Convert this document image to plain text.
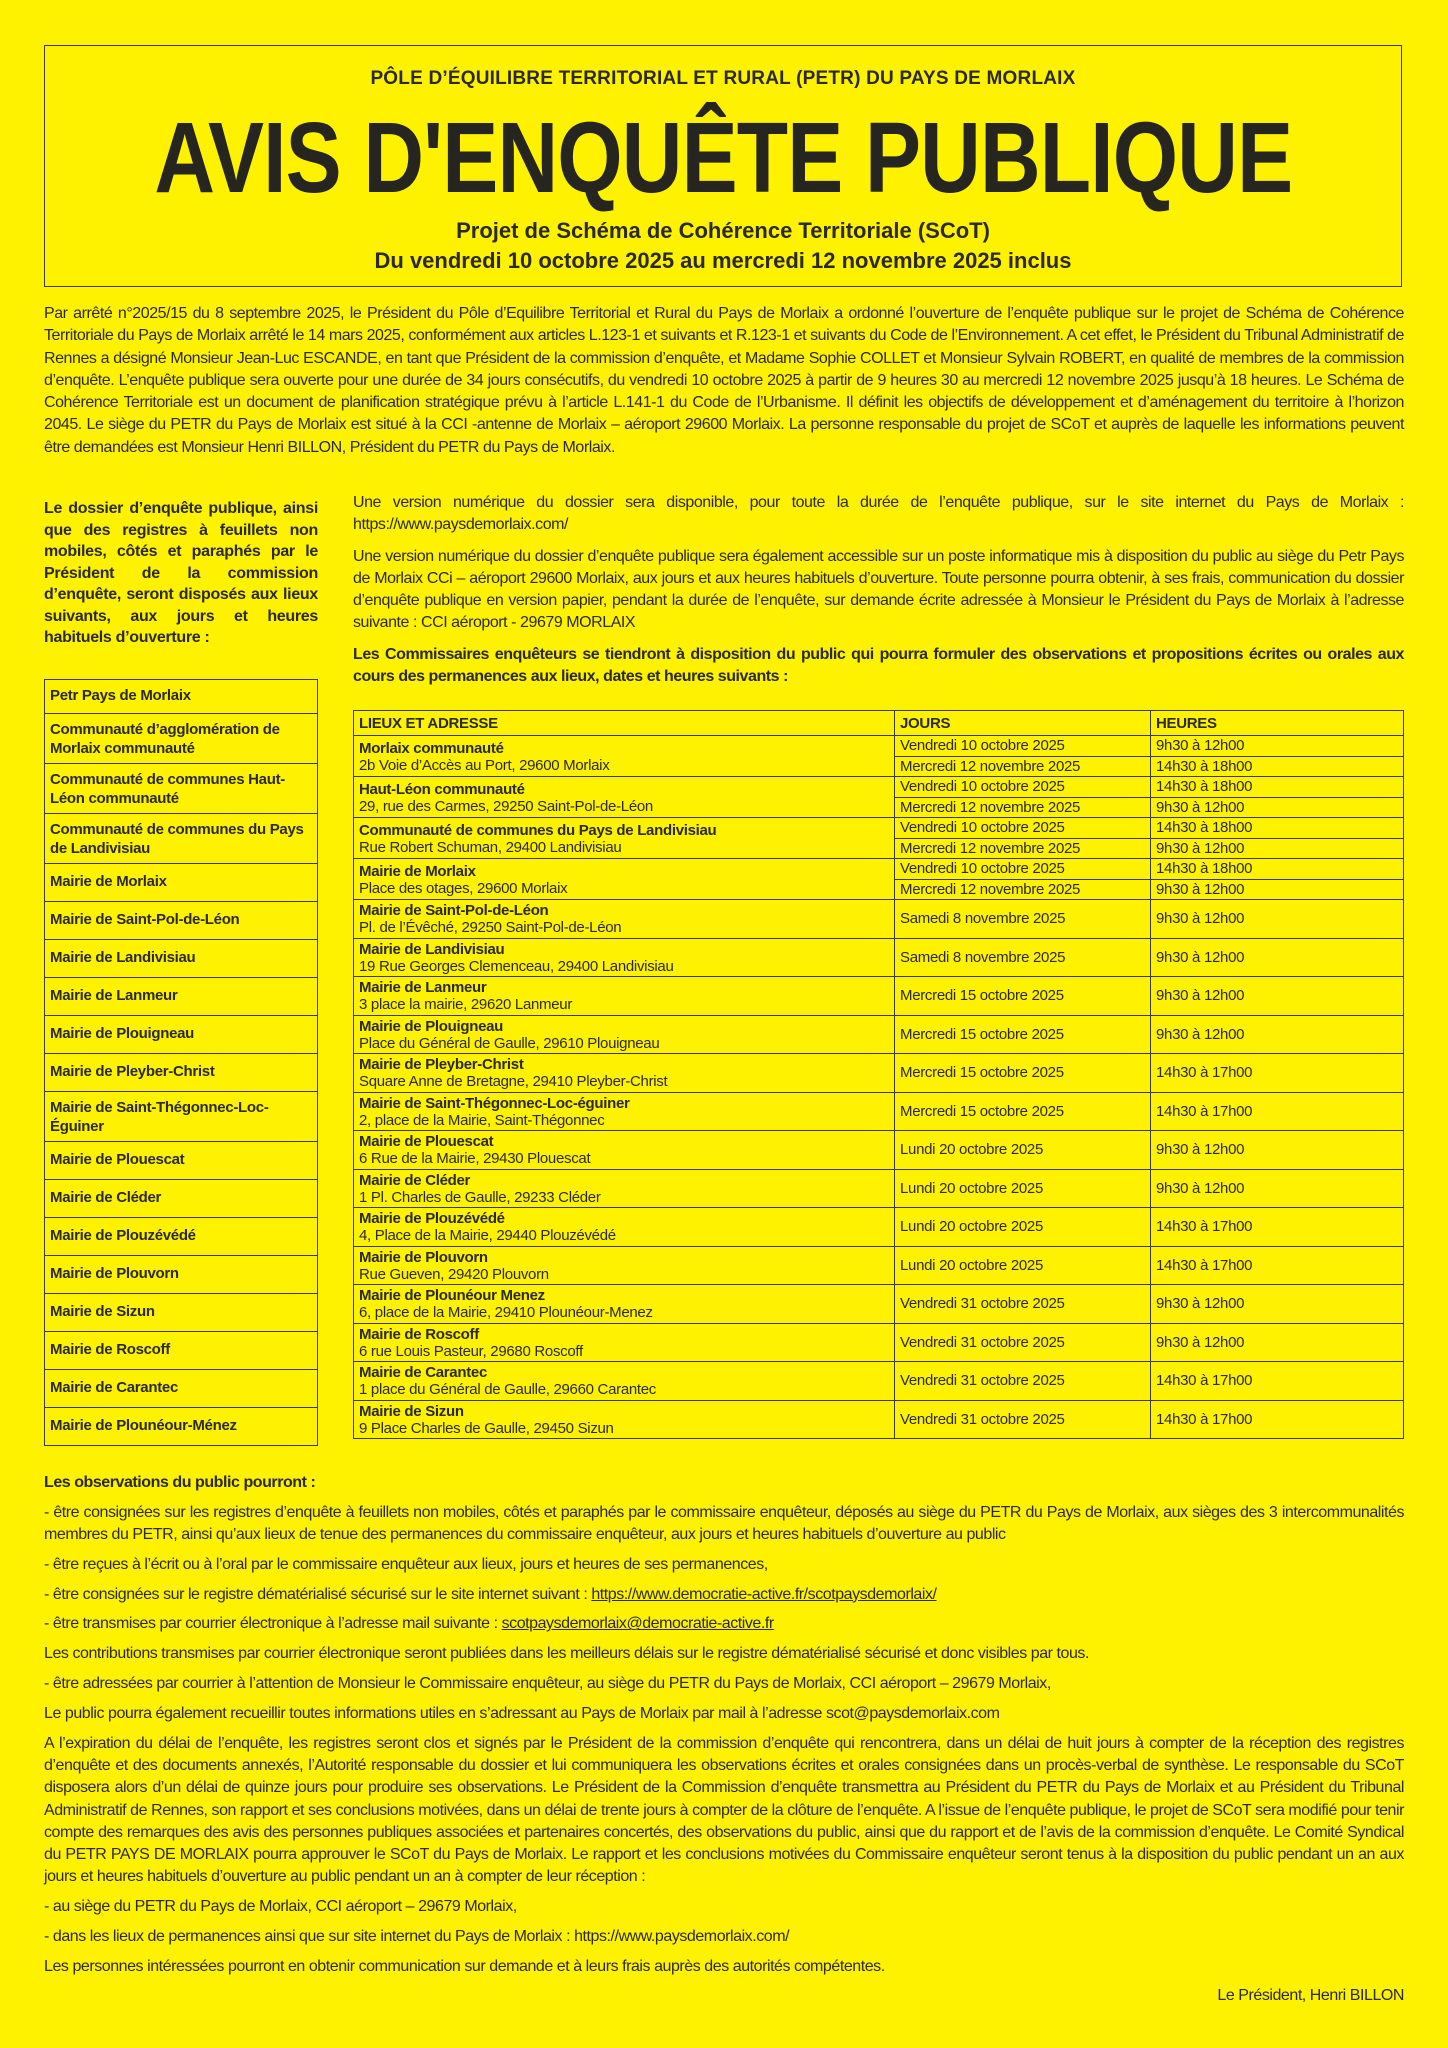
PÔLE D’ÉQUILIBRE TERRITORIAL ET RURAL (PETR) DU PAYS DE MORLAIX
AVIS D'ENQUÊTE PUBLIQUE
Projet de Schéma de Cohérence Territoriale (SCoT)
Du vendredi 10 octobre 2025 au mercredi 12 novembre 2025 inclus
Par arrêté n°2025/15 du 8 septembre 2025, le Président du Pôle d’Equilibre Territorial et Rural du Pays de Morlaix a ordonné l’ouverture de l’enquête publique sur le projet de Schéma de Cohérence Territoriale du Pays de Morlaix arrêté le 14 mars 2025, conformément aux articles L.123-1 et suivants et R.123-1 et suivants du Code de l’Environnement. A cet effet, le Président du Tribunal Administratif de Rennes a désigné Monsieur Jean-Luc ESCANDE, en tant que Président de la commission d’enquête, et Madame Sophie COLLET et Monsieur Sylvain ROBERT, en qualité de membres de la commission d’enquête. L’enquête publique sera ouverte pour une durée de 34 jours consécutifs, du vendredi 10 octobre 2025 à partir de 9 heures 30 au mercredi 12 novembre 2025 jusqu’à 18 heures. Le Schéma de Cohérence Territoriale est un document de planification stratégique prévu à l’article L.141-1 du Code de l’Urbanisme. Il définit les objectifs de développement et d’aménagement du territoire à l’horizon 2045. Le siège du PETR du Pays de Morlaix est situé à la CCI -antenne de Morlaix – aéroport 29600 Morlaix. La personne responsable du projet de SCoT et auprès de laquelle les informations peuvent être demandées est Monsieur Henri BILLON, Président du PETR du Pays de Morlaix.
Le dossier d’enquête publique, ainsi que des registres à feuillets non mobiles, côtés et paraphés par le Président de la commission d’enquête, seront disposés aux lieux suivants, aux jours et heures habituels d’ouverture :
Petr Pays de Morlaix
Communauté d’agglomération de Morlaix communauté
Communauté de communes Haut-Léon communauté
Communauté de communes du Pays de Landivisiau
Mairie de Morlaix
Mairie de Saint-Pol-de-Léon
Mairie de Landivisiau
Mairie de Lanmeur
Mairie de Plouigneau
Mairie de Pleyber-Christ
Mairie de Saint-Thégonnec-Loc-Éguiner
Mairie de Plouescat
Mairie de Cléder
Mairie de Plouzévédé
Mairie de Plouvorn
Mairie de Sizun
Mairie de Roscoff
Mairie de Carantec
Mairie de Plounéour-Ménez

Une version numérique du dossier sera disponible, pour toute la durée de l’enquête publique, sur le site internet du Pays de Morlaix : https://www.paysdemorlaix.com/

Une version numérique du dossier d’enquête publique sera également accessible sur un poste informatique mis à disposition du public au siège du Petr Pays de Morlaix CCi – aéroport 29600 Morlaix, aux jours et aux heures habituels d’ouverture. Toute personne pourra obtenir, à ses frais, communication du dossier d’enquête publique en version papier, pendant la durée de l’enquête, sur demande écrite adressée à Monsieur le Président du Pays de Morlaix à l’adresse suivante : CCI aéroport - 29679 MORLAIX

Les Commissaires enquêteurs se tiendront à disposition du public qui pourra formuler des observations et propositions écrites ou orales aux cours des permanences aux lieux, dates et heures suivants :

LIEUX ET ADRESSE	JOURS	HEURES

Morlaix communauté
2b Voie d’Accès au Port, 29600 Morlaix	Vendredi 10 octobre 2025	9h30 à 12h00
	Mercredi 12 novembre 2025	14h30 à 18h00

Haut-Léon communauté
29, rue des Carmes, 29250 Saint-Pol-de-Léon	Vendredi 10 octobre 2025	14h30 à 18h00
	Mercredi 12 novembre 2025	9h30 à 12h00

Communauté de communes du Pays de Landivisiau
Rue Robert Schuman, 29400 Landivisiau	Vendredi 10 octobre 2025	14h30 à 18h00
	Mercredi 12 novembre 2025	9h30 à 12h00

Mairie de Morlaix
Place des otages, 29600 Morlaix	Vendredi 10 octobre 2025	14h30 à 18h00
	Mercredi 12 novembre 2025	9h30 à 12h00

Mairie de Saint-Pol-de-Léon
Pl. de l’Évêché, 29250 Saint-Pol-de-Léon	Samedi 8 novembre 2025	9h30 à 12h00

Mairie de Landivisiau
19 Rue Georges Clemenceau, 29400 Landivisiau	Samedi 8 novembre 2025	9h30 à 12h00

Mairie de Lanmeur
3 place la mairie, 29620 Lanmeur	Mercredi 15 octobre 2025	9h30 à 12h00

Mairie de Plouigneau
Place du Général de Gaulle, 29610 Plouigneau	Mercredi 15 octobre 2025	9h30 à 12h00

Mairie de Pleyber-Christ
Square Anne de Bretagne, 29410 Pleyber-Christ	Mercredi 15 octobre 2025	14h30 à 17h00

Mairie de Saint-Thégonnec-Loc-éguiner
2, place de la Mairie, Saint-Thégonnec	Mercredi 15 octobre 2025	14h30 à 17h00

Mairie de Plouescat
6 Rue de la Mairie, 29430 Plouescat	Lundi 20 octobre 2025	9h30 à 12h00

Mairie de Cléder
1 Pl. Charles de Gaulle, 29233 Cléder	Lundi 20 octobre 2025	9h30 à 12h00

Mairie de Plouzévédé
4, Place de la Mairie, 29440 Plouzévédé	Lundi 20 octobre 2025	14h30 à 17h00

Mairie de Plouvorn
Rue Gueven, 29420 Plouvorn	Lundi 20 octobre 2025	14h30 à 17h00

Mairie de Plounéour Menez
6, place de la Mairie, 29410 Plounéour-Menez	Vendredi 31 octobre 2025	9h30 à 12h00

Mairie de Roscoff
6 rue Louis Pasteur, 29680 Roscoff	Vendredi 31 octobre 2025	9h30 à 12h00

Mairie de Carantec
1 place du Général de Gaulle, 29660 Carantec	Vendredi 31 octobre 2025	14h30 à 17h00

Mairie de Sizun
9 Place Charles de Gaulle, 29450 Sizun	Vendredi 31 octobre 2025	14h30 à 17h00

Les observations du public pourront :

- être consignées sur les registres d’enquête à feuillets non mobiles, côtés et paraphés par le commissaire enquêteur, déposés au siège du PETR du Pays de Morlaix, aux sièges des 3 intercommunalités membres du PETR, ainsi qu’aux lieux de tenue des permanences du commissaire enquêteur, aux jours et heures habituels d’ouverture au public

- être reçues à l’écrit ou à l’oral par le commissaire enquêteur aux lieux, jours et heures de ses permanences,

- être consignées sur le registre dématérialisé sécurisé sur le site internet suivant : https://www.democratie-active.fr/scotpaysdemorlaix/

- être transmises par courrier électronique à l’adresse mail suivante : scotpaysdemorlaix@democratie-active.fr

Les contributions transmises par courrier électronique seront publiées dans les meilleurs délais sur le registre dématérialisé sécurisé et donc visibles par tous.

- être adressées par courrier à l’attention de Monsieur le Commissaire enquêteur, au siège du PETR du Pays de Morlaix, CCI aéroport – 29679 Morlaix,

Le public pourra également recueillir toutes informations utiles en s’adressant au Pays de Morlaix par mail à l’adresse scot@paysdemorlaix.com

A l’expiration du délai de l’enquête, les registres seront clos et signés par le Président de la commission d’enquête qui rencontrera, dans un délai de huit jours à compter de la réception des registres d’enquête et des documents annexés, l’Autorité responsable du dossier et lui communiquera les observations écrites et orales consignées dans un procès-verbal de synthèse. Le responsable du SCoT disposera alors d’un délai de quinze jours pour produire ses observations. Le Président de la Commission d’enquête transmettra au Président du PETR du Pays de Morlaix et au Président du Tribunal Administratif de Rennes, son rapport et ses conclusions motivées, dans un délai de trente jours à compter de la clôture de l’enquête. A l’issue de l’enquête publique, le projet de SCoT sera modifié pour tenir compte des remarques des avis des personnes publiques associées et partenaires concertés, des observations du public, ainsi que du rapport et de l’avis de la commission d’enquête. Le Comité Syndical du PETR PAYS DE MORLAIX pourra approuver le SCoT du Pays de Morlaix. Le rapport et les conclusions motivées du Commissaire enquêteur seront tenus à la disposition du public pendant un an aux jours et heures habituels d’ouverture au public pendant un an à compter de leur réception :

- au siège du PETR du Pays de Morlaix, CCI aéroport – 29679 Morlaix,

- dans les lieux de permanences ainsi que sur site internet du Pays de Morlaix : https://www.paysdemorlaix.com/

Les personnes intéressées pourront en obtenir communication sur demande et à leurs frais auprès des autorités compétentes.

Le Président, Henri BILLON
